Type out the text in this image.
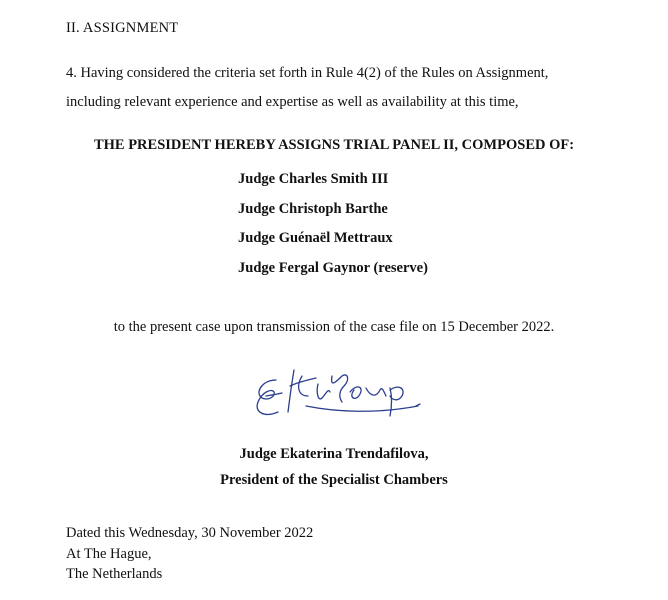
II. ASSIGNMENT
4. Having considered the criteria set forth in Rule 4(2) of the Rules on Assignment,
including relevant experience and expertise as well as availability at this time,
THE PRESIDENT HEREBY ASSIGNS TRIAL PANEL II, COMPOSED OF:
Judge Charles Smith III
Judge Christoph Barthe
Judge Guénaël Mettraux
Judge Fergal Gaynor (reserve)
to the present case upon transmission of the case file on 15 December 2022.
Judge Ekaterina Trendafilova,
President of the Specialist Chambers
Dated this Wednesday, 30 November 2022
At The Hague,
The Netherlands
